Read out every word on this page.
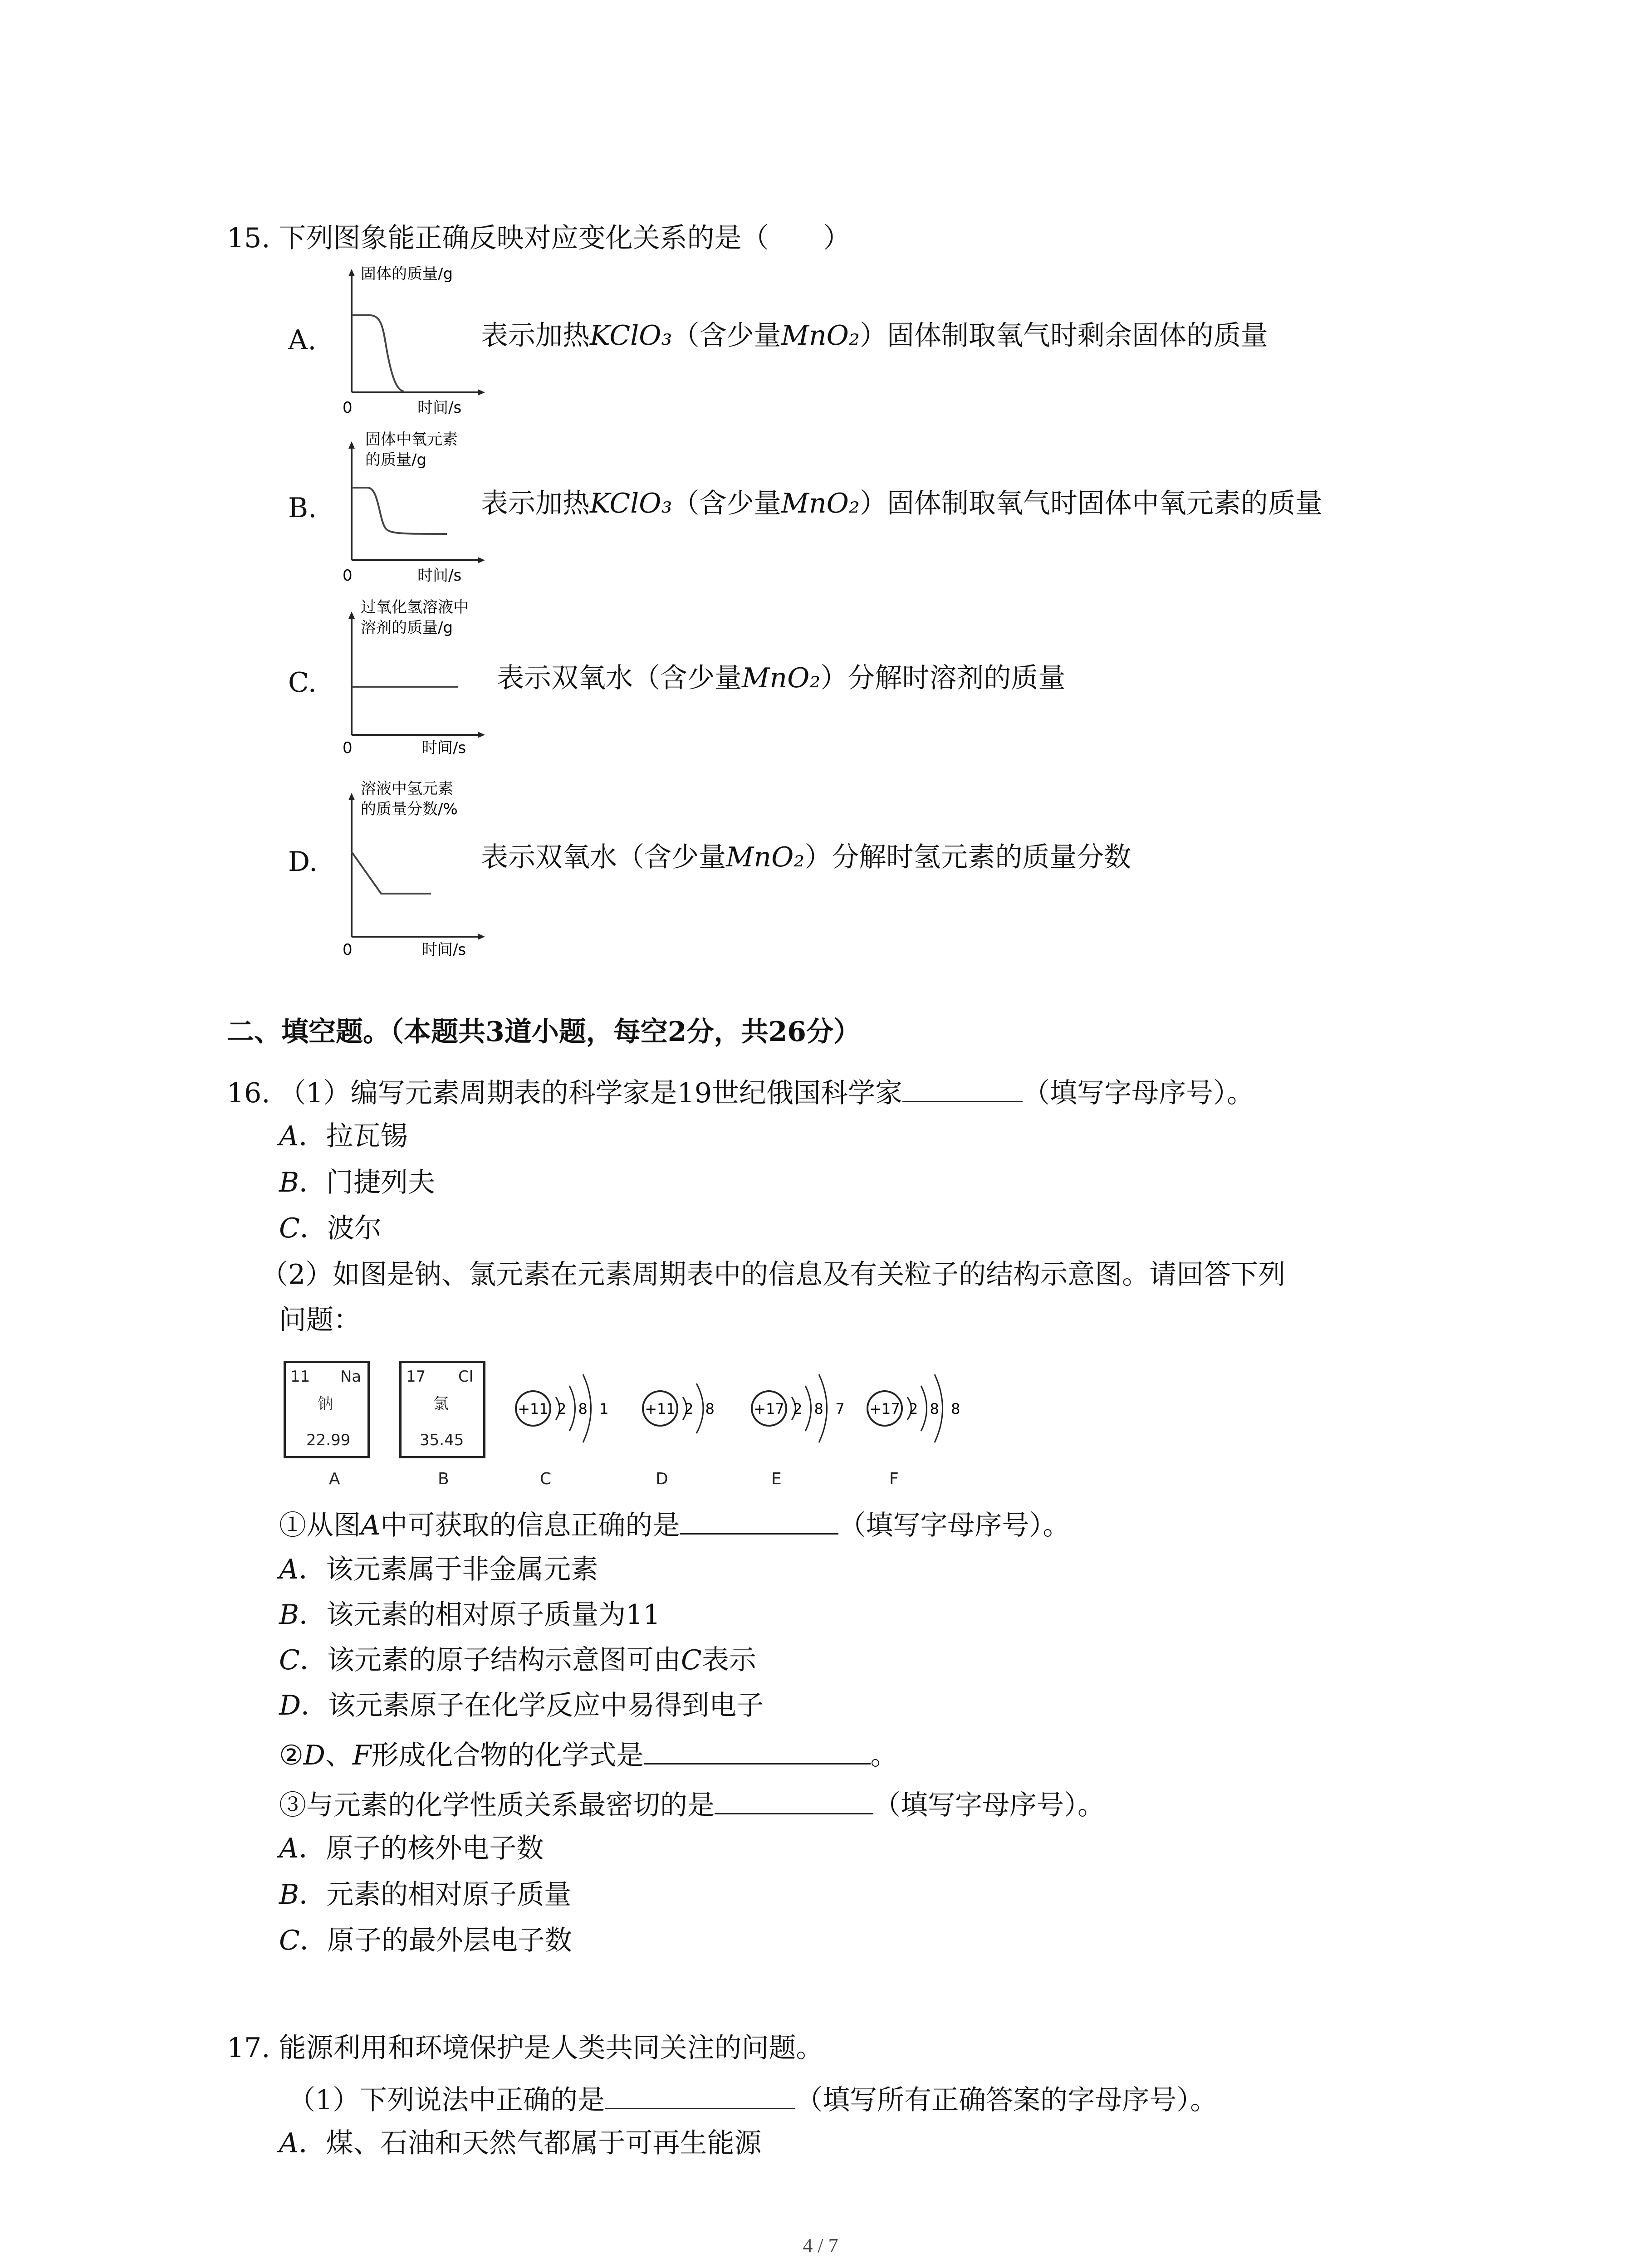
15. 下列图象能正确反映对应变化关系的是（　　）
A.
固体的质量/g
0	时间/s
表示加热KClO₃（含少量MnO₂）固体制取氧气时剩余固体的质量
B.
固体中氧元素
的质量/g
0	时间/s
表示加热KClO₃（含少量MnO₂）固体制取氧气时固体中氧元素的质量
C.
过氧化氢溶液中
溶剂的质量/g
0	时间/s
表示双氧水（含少量MnO₂）分解时溶剂的质量
D.
溶液中氢元素
的质量分数/%
0	时间/s
表示双氧水（含少量MnO₂）分解时氢元素的质量分数
二、填空题。（本题共3道小题，每空2分，共26分）
16. （1）编写元素周期表的科学家是19世纪俄国科学家	（填写字母序号）。
A．拉瓦锡
B．门捷列夫
C．波尔
（2）如图是钠、氯元素在元素周期表中的信息及有关粒子的结构示意图。请回答下列
问题：
11 Na
钠
22.99
A
17 Cl
氯
35.45
B
+11 2 8 1
C
+11 2 8
D
+17 2 8 7
E
+17 2 8 8
F
①从图A中可获取的信息正确的是	（填写字母序号）。
A．该元素属于非金属元素
B．该元素的相对原子质量为11
C．该元素的原子结构示意图可由C表示
D．该元素原子在化学反应中易得到电子
②D、F形成化合物的化学式是	。
③与元素的化学性质关系最密切的是	（填写字母序号）。
A．原子的核外电子数
B．元素的相对原子质量
C．原子的最外层电子数
17. 能源利用和环境保护是人类共同关注的问题。
（1）下列说法中正确的是	（填写所有正确答案的字母序号）。
A．煤、石油和天然气都属于可再生能源
4 / 7
